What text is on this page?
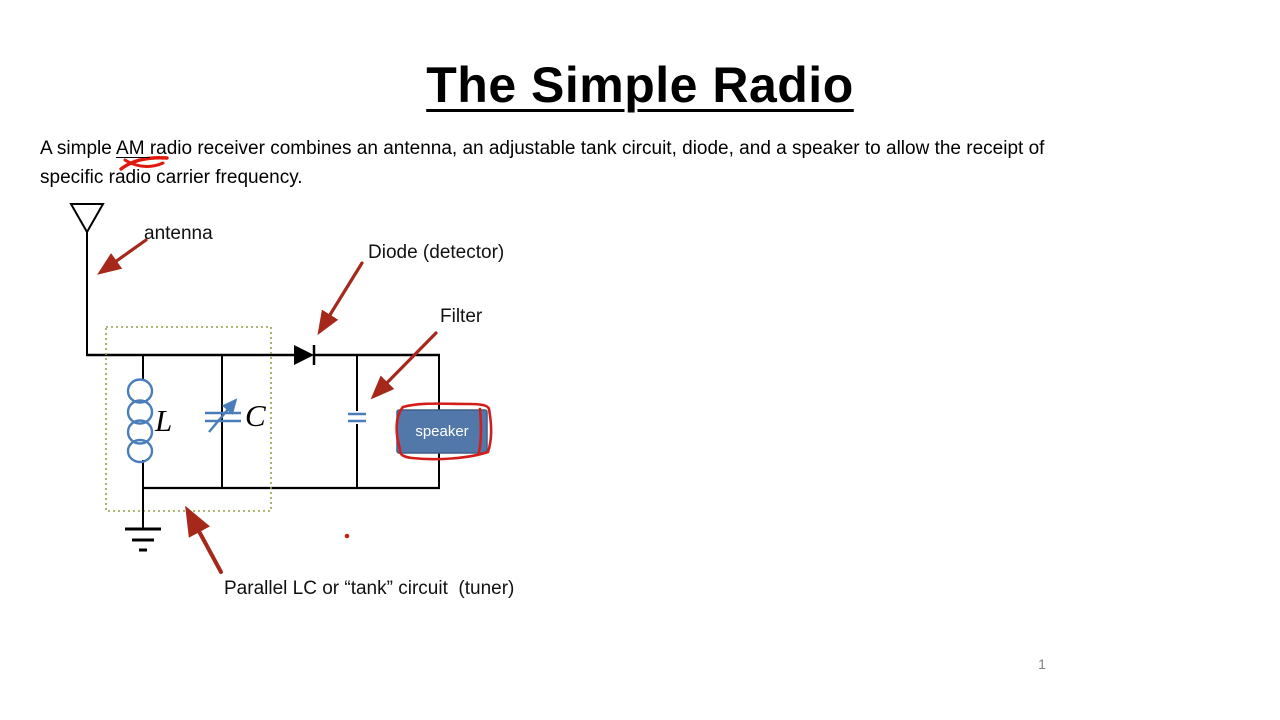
The Simple Radio
A simple AM radio receiver combines an antenna, an adjustable tank circuit, diode, and a speaker to allow the receipt of
specific radio carrier frequency.
antenna
Diode (detector)
Filter
Parallel LC or “tank” circuit  (tuner)
L C	speaker
1
